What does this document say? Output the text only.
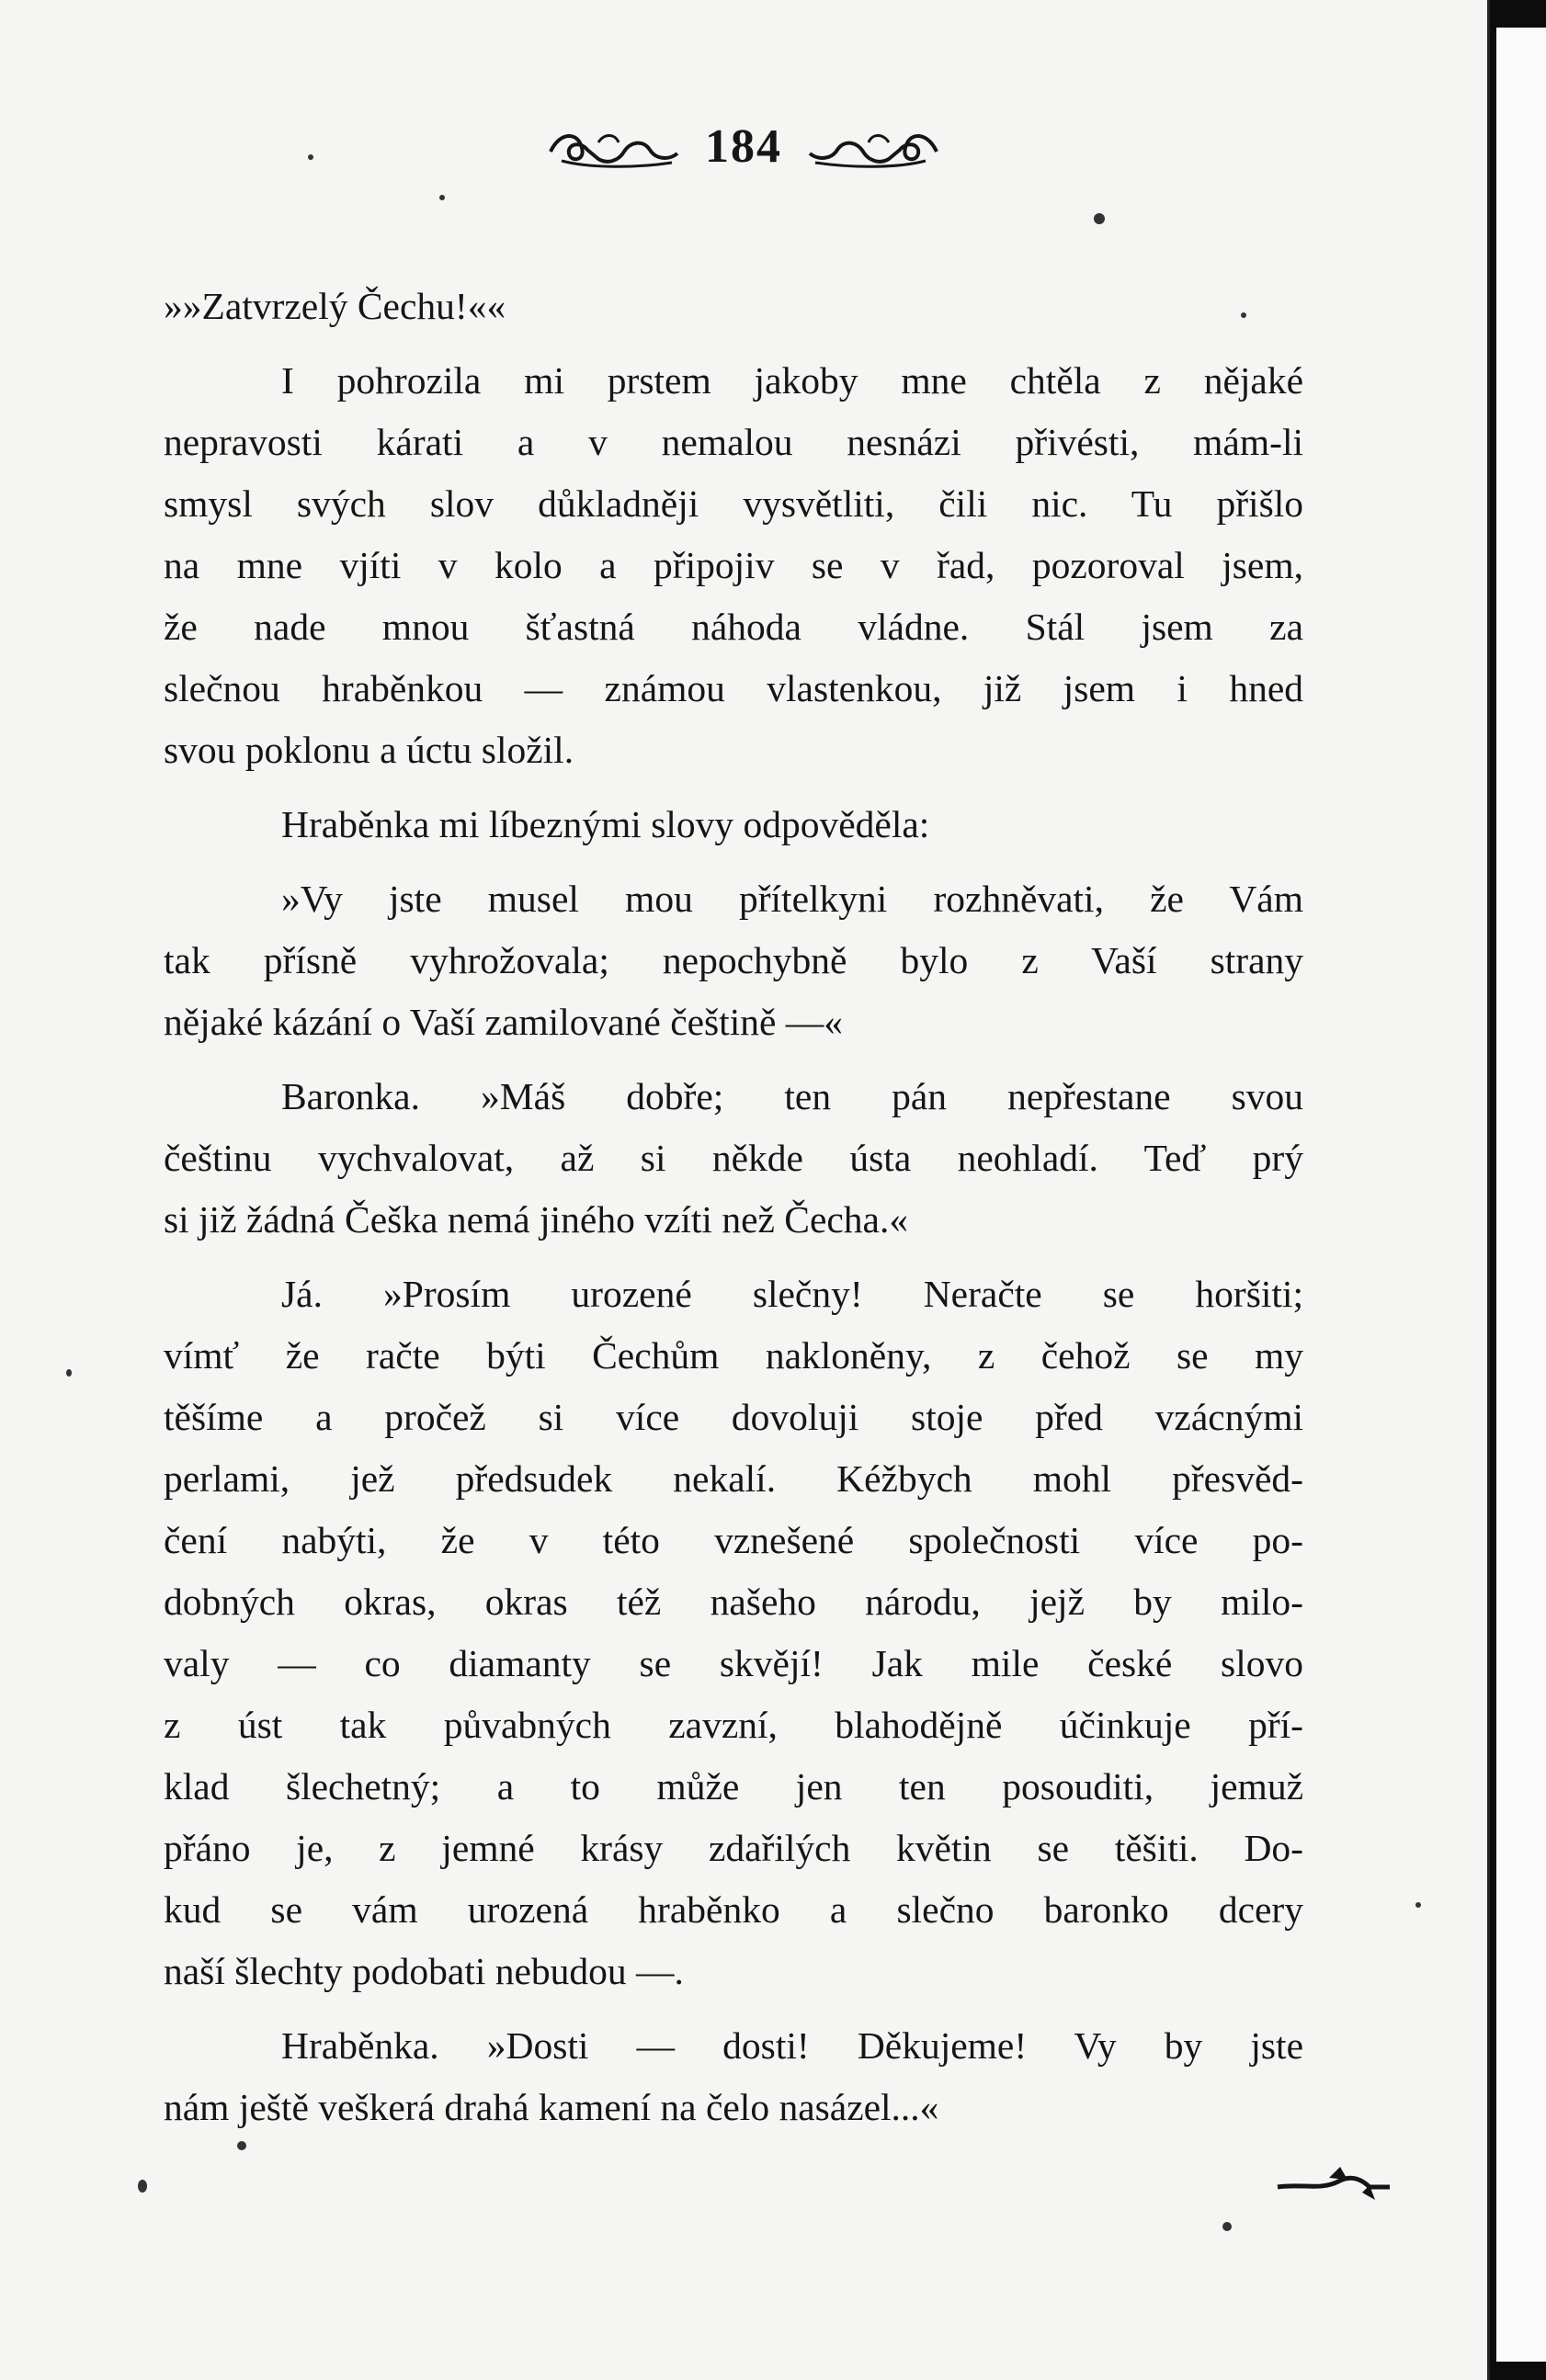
184
»»Zatvrzelý Čechu!««
I pohrozila mi prstem jakoby mne chtěla z nějaké
nepravosti kárati a v nemalou nesnázi přivésti, mám-li
smysl svých slov důkladněji vysvětliti, čili nic. Tu přišlo
na mne vjíti v kolo a připojiv se v řad, pozoroval jsem,
že nade mnou šťastná náhoda vládne. Stál jsem za
slečnou hraběnkou — známou vlastenkou, již jsem i hned
svou poklonu a úctu složil.
Hraběnka mi líbeznými slovy odpověděla:
»Vy jste musel mou přítelkyni rozhněvati, že Vám
tak přísně vyhrožovala; nepochybně bylo z Vaší strany
nějaké kázání o Vaší zamilované češtině —«
Baronka. »Máš dobře; ten pán nepřestane svou
češtinu vychvalovat, až si někde ústa neohladí. Teď prý
si již žádná Češka nemá jiného vzíti než Čecha.«
Já. »Prosím urozené slečny! Neračte se horšiti;
vímť že račte býti Čechům nakloněny, z čehož se my
těšíme a pročež si více dovoluji stoje před vzácnými
perlami, jež předsudek nekalí. Kéžbych mohl přesvěd-
čení nabýti, že v této vznešené společnosti více po-
dobných okras, okras též našeho národu, jejž by milo-
valy — co diamanty se skvějí! Jak mile české slovo
z úst tak půvabných zavzní, blahodějně účinkuje pří-
klad šlechetný; a to může jen ten posouditi, jemuž
přáno je, z jemné krásy zdařilých květin se těšiti. Do-
kud se vám urozená hraběnko a slečno baronko dcery
naší šlechty podobati nebudou —.
Hraběnka. »Dosti — dosti! Děkujeme! Vy by jste
nám ještě veškerá drahá kamení na čelo nasázel...«
